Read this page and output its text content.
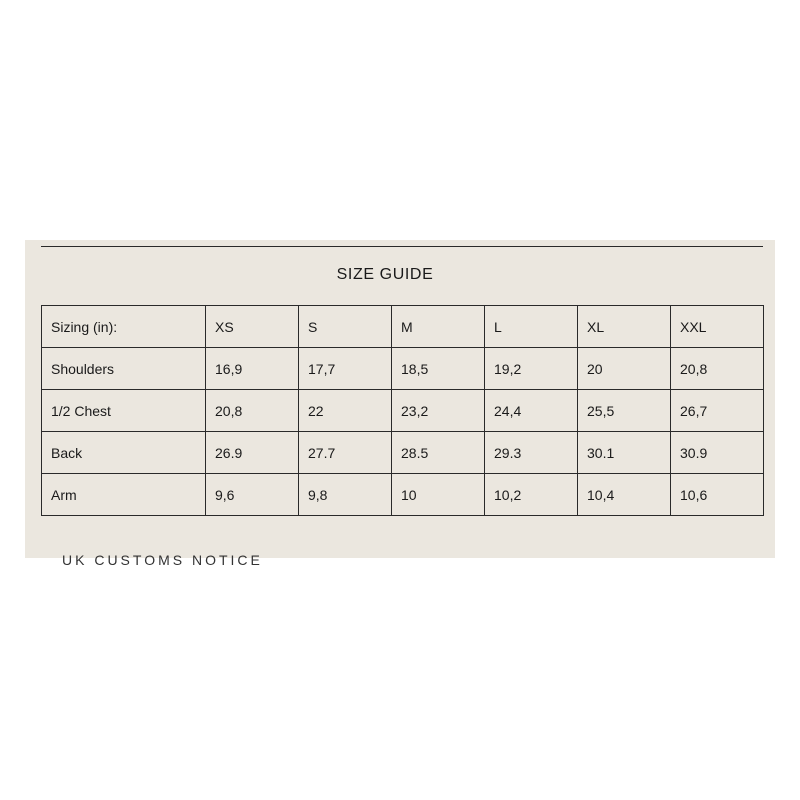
SIZE GUIDE
Sizing (in):	XS	S	M	L	XL	XXL
Shoulders	16,9	17,7	18,5	19,2	20	20,8
1/2 Chest	20,8	22	23,2	24,4	25,5	26,7
Back	26.9	27.7	28.5	29.3	30.1	30.9
Arm	9,6	9,8	10	10,2	10,4	10,6
UK CUSTOMS NOTICE
